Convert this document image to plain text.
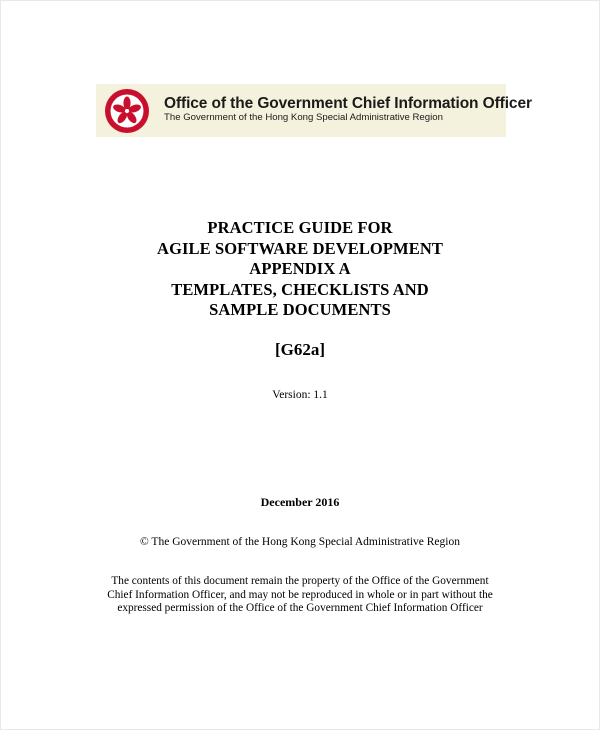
Office of the Government Chief Information Officer
The Government of the Hong Kong Special Administrative Region
PRACTICE GUIDE FOR
AGILE SOFTWARE DEVELOPMENT
APPENDIX A
TEMPLATES, CHECKLISTS AND
SAMPLE DOCUMENTS
[G62a]
Version: 1.1
December 2016
© The Government of the Hong Kong Special Administrative Region
The contents of this document remain the property of the Office of the Government
Chief Information Officer, and may not be reproduced in whole or in part without the
expressed permission of the Office of the Government Chief Information Officer
